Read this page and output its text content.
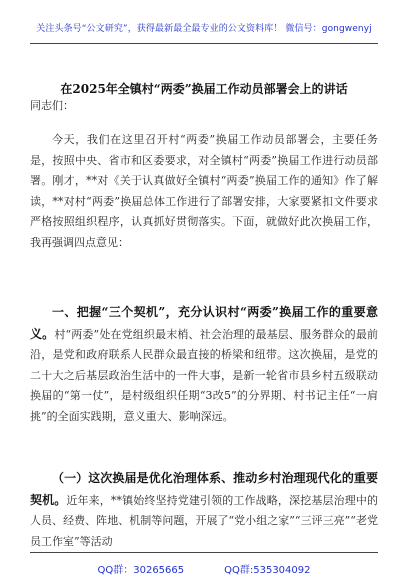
关注头条号“公文研究”，获得最新最全最专业的公文资料库！ 微信号：gongwenyj
在2025年全镇村“两委”换届工作动员部署会上的讲话
同志们：
今天，我们在这里召开村“两委”换届工作动员部署会，主要任务是，按照中央、省市和区委要求，对全镇村“两委”换届工作进行动员部署。刚才，**对《关于认真做好全镇村“两委”换届工作的通知》作了解读，**对村“两委”换届总体工作进行了部署安排，大家要紧扣文件要求严格按照组织程序，认真抓好贯彻落实。下面，就做好此次换届工作，我再强调四点意见：
一、把握“三个契机”，充分认识村“两委”换届工作的重要意义。村“两委”处在党组织最末梢、社会治理的最基层、服务群众的最前沿，是党和政府联系人民群众最直接的桥梁和纽带。这次换届，是党的二十大之后基层政治生活中的一件大事，是新一轮省市县乡村五级联动换届的“第一仗”，是村级组织任期“3改5”的分界期、村书记主任“一肩挑”的全面实践期，意义重大、影响深远。
（一）这次换届是优化治理体系、推动乡村治理现代化的重要契机。近年来，**镇始终坚持党建引领的工作战略，深挖基层治理中的人员、经费、阵地、机制等问题，开展了“党小组之家”“三评三亮”“老党员工作室”等活动
QQ群：30265665	QQ群:535304092
